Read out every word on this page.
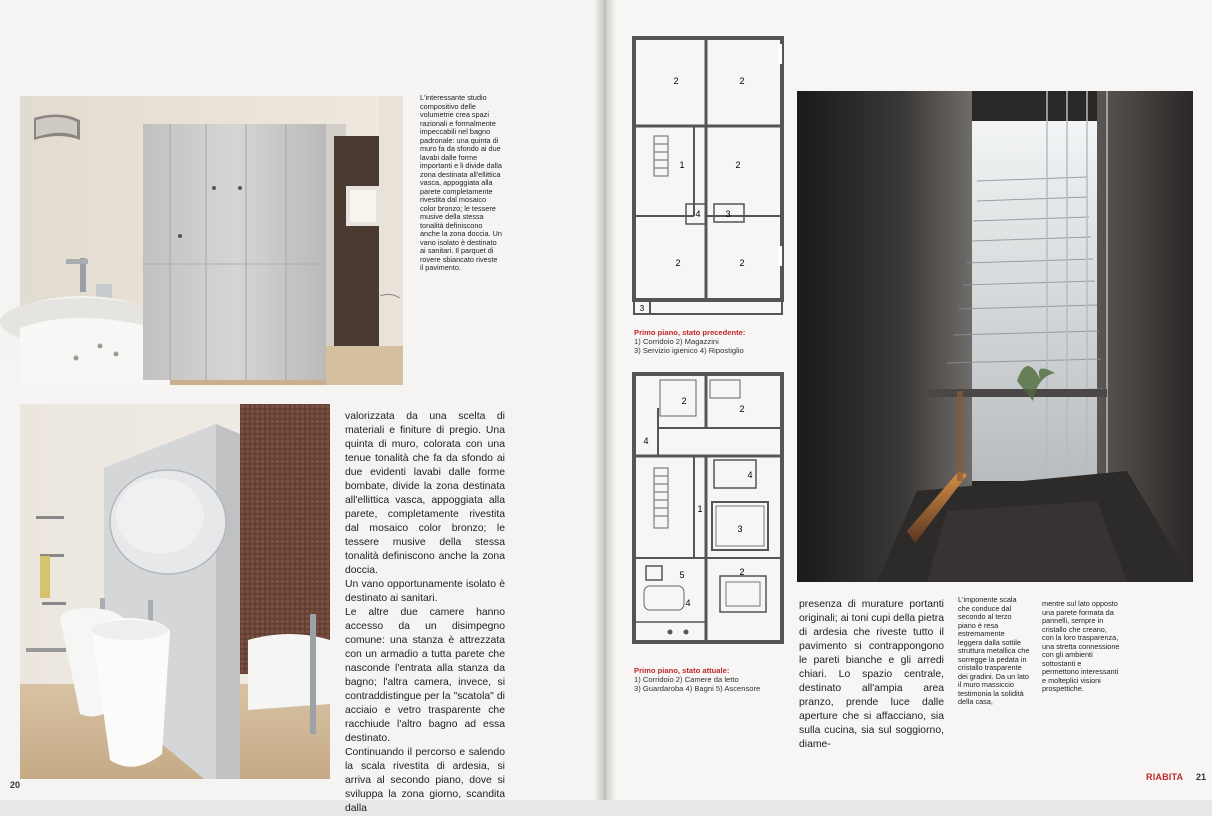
L'interessante studio compositivo delle volumetrie crea spazi razionali e formalmente impeccabili nel bagno padronale: una quinta di muro fa da sfondo ai due lavabi dalle forme importanti e li divide dalla zona destinata all'ellittica vasca, appoggiata alla parete completamente rivestita dal mosaico color bronzo; le tessere musive della stessa tonalità definiscono anche la zona doccia. Un vano isolato è destinato ai sanitari. Il parquet di rovere sbiancato riveste il pavimento.

valorizzata da una scelta di materiali e finiture di pregio. Una quinta di muro, colorata con una tenue tonalità che fa da sfondo ai due evidenti lavabi dalle forme bombate, divide la zona destinata all'ellittica vasca, appoggiata alla parete, completamente rivestita dal mosaico color bronzo; le tessere musive della stessa tonalità definiscono anche la zona doccia.

Un vano opportunamente isolato è destinato ai sanitari.

Le altre due camere hanno accesso da un disimpegno comune: una stanza è attrezzata con un armadio a tutta parete che nasconde l'entrata alla stanza da bagno; l'altra camera, invece, si contraddistingue per la "scatola" di acciaio e vetro trasparente che racchiude l'altro bagno ad essa destinato.

Continuando il percorso e salendo la scala rivestita di ardesia, si arriva al secondo piano, dove si sviluppa la zona giorno, scandita dalla

20
2	2
1	2
4	3
2	2
3
Primo piano, stato precedente:
1) Corridoio 2) Magazzini
3) Servizio igienico 4) Ripostiglio
2
2
4
4
1
3
5	2
4
Primo piano, stato attuale:
1) Corridoio 2) Camere da letto
3) Guardaroba 4) Bagni 5) Ascensore
presenza di murature portanti originali; ai toni cupi della pietra di ardesia che riveste tutto il pavimento si contrappongono le pareti bianche e gli arredi chiari. Lo spazio centrale, destinato all'ampia area pranzo, prende luce dalle aperture che si affacciano, sia sulla cucina, sia sul soggiorno, diame-
L'imponente scala che conduce dal secondo al terzo piano è resa estremamente leggera dalla sottile struttura metallica che sorregge la pedata in cristallo trasparente dei gradini. Da un lato il muro massiccio testimonia la solidità della casa,
mentre sul lato opposto una parete formata da pannelli, sempre in cristallo che creano, con la loro trasparenza, una stretta connessione con gli ambienti sottostanti e permettono interessanti e molteplici visioni prospettiche.
RIABITA 21
